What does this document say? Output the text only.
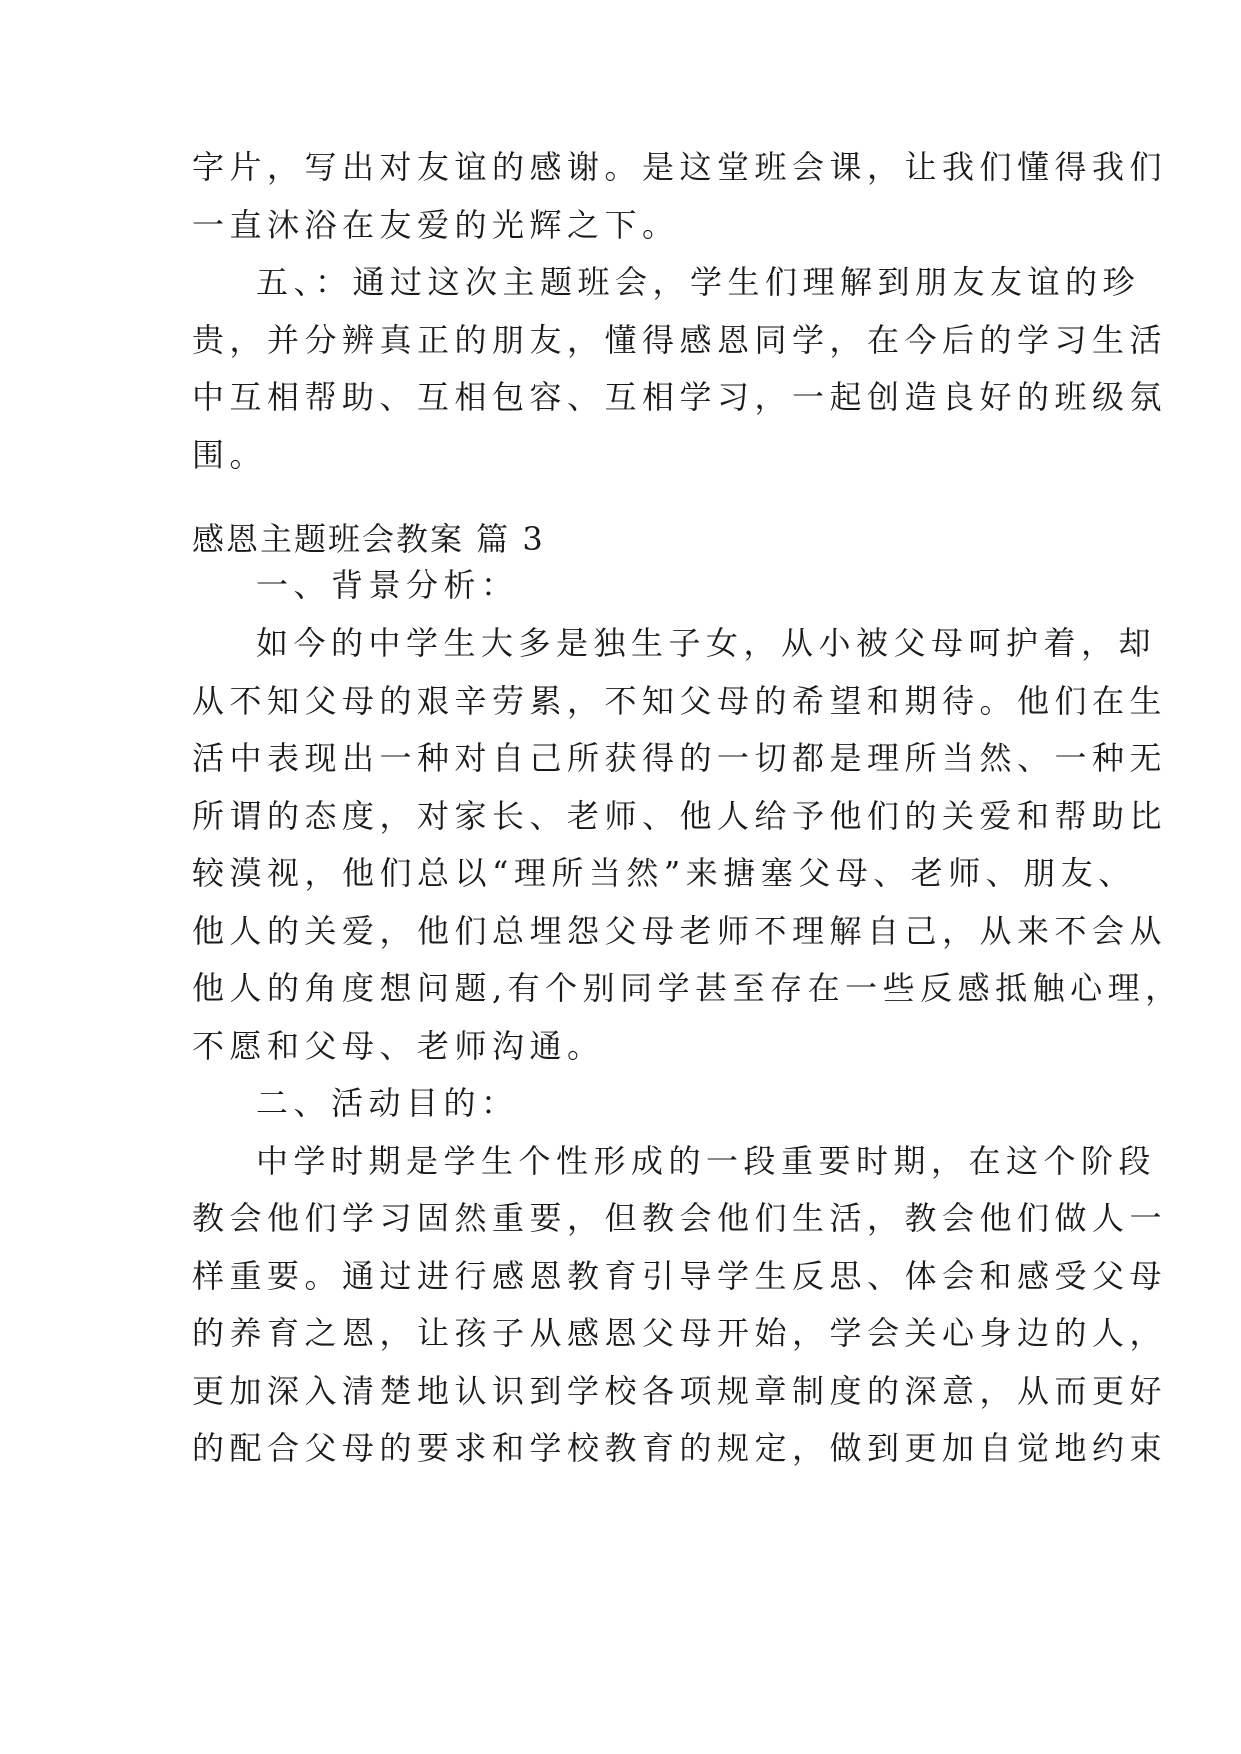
字片，写出对友谊的感谢。是这堂班会课，让我们懂得我们
一直沐浴在友爱的光辉之下。
五、：通过这次主题班会，学生们理解到朋友友谊的珍
贵，并分辨真正的朋友，懂得感恩同学，在今后的学习生活
中互相帮助、互相包容、互相学习，一起创造良好的班级氛
围。
感恩主题班会教案 篇 3
一、背景分析：
如今的中学生大多是独生子女，从小被父母呵护着，却
从不知父母的艰辛劳累，不知父母的希望和期待。他们在生
活中表现出一种对自己所获得的一切都是理所当然、一种无
所谓的态度，对家长、老师、他人给予他们的关爱和帮助比
较漠视，他们总以“理所当然”来搪塞父母、老师、朋友、
他人的关爱，他们总埋怨父母老师不理解自己，从来不会从
他人的角度想问题,有个别同学甚至存在一些反感抵触心理，
不愿和父母、老师沟通。
二、活动目的：
中学时期是学生个性形成的一段重要时期，在这个阶段
教会他们学习固然重要，但教会他们生活，教会他们做人一
样重要。通过进行感恩教育引导学生反思、体会和感受父母
的养育之恩，让孩子从感恩父母开始，学会关心身边的人，
更加深入清楚地认识到学校各项规章制度的深意，从而更好
的配合父母的要求和学校教育的规定，做到更加自觉地约束
